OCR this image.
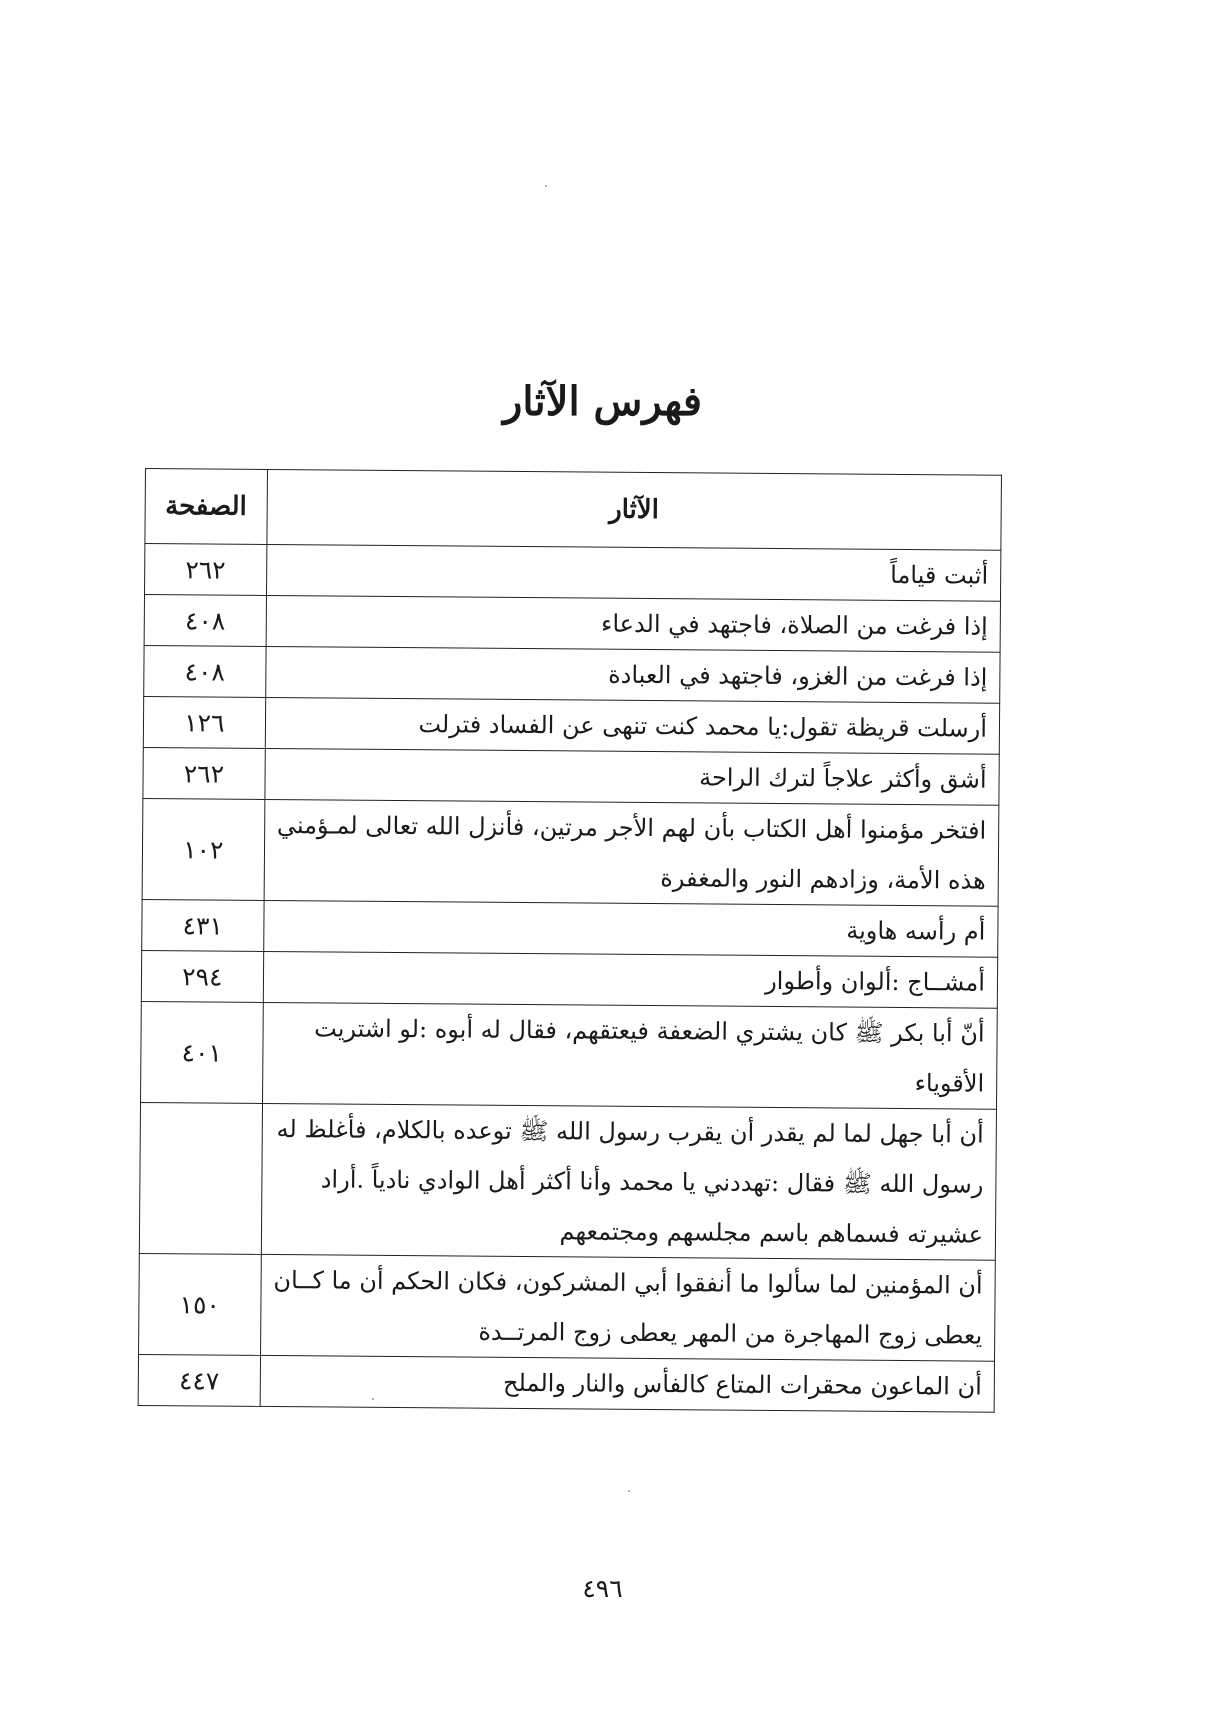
فهرس الآثار
الآثار	الصفحة

أثبت قياماً	٢٦٢

إذا فرغت من الصلاة، فاجتهد في الدعاء	٤٠٨

إذا فرغت من الغزو، فاجتهد في العبادة	٤٠٨

أرسلت قريظة تقول:يا محمد كنت تنهى عن الفساد فترلت	١٢٦

أشق وأكثر علاجاً لترك الراحة	٢٦٢

افتخر مؤمنوا أهل الكتاب بأن لهم الأجر مرتين، فأنزل الله تعالى لمـؤمني
هذه الأمة، وزادهم النور والمغفرة	١٠٢

أم رأسه هاوية	٤٣١

أمشــاج :ألوان وأطوار	٢٩٤

أنّ أبا بكر ﷺ كان يشتري الضعفة فيعتقهم، فقال له أبوه :لو اشتريت
الأقوياء	٤٠١

أن أبا جهل لما لم يقدر أن يقرب رسول الله ﷺ توعده بالكلام، فأغلظ له
رسول الله ﷺ فقال :تهددني يا محمد وأنا أكثر أهل الوادي نادياً .أراد
عشيرته فسماهم باسم مجلسهم ومجتمعهم	

أن المؤمنين لما سألوا ما أنفقوا أبي المشركون، فكان الحكم أن ما كــان
يعطى زوج المهاجرة من المهر يعطى زوج المرتــدة	١٥٠

أن الماعون محقرات المتاع كالفأس والنار والملح	٤٤٧
٤٩٦
